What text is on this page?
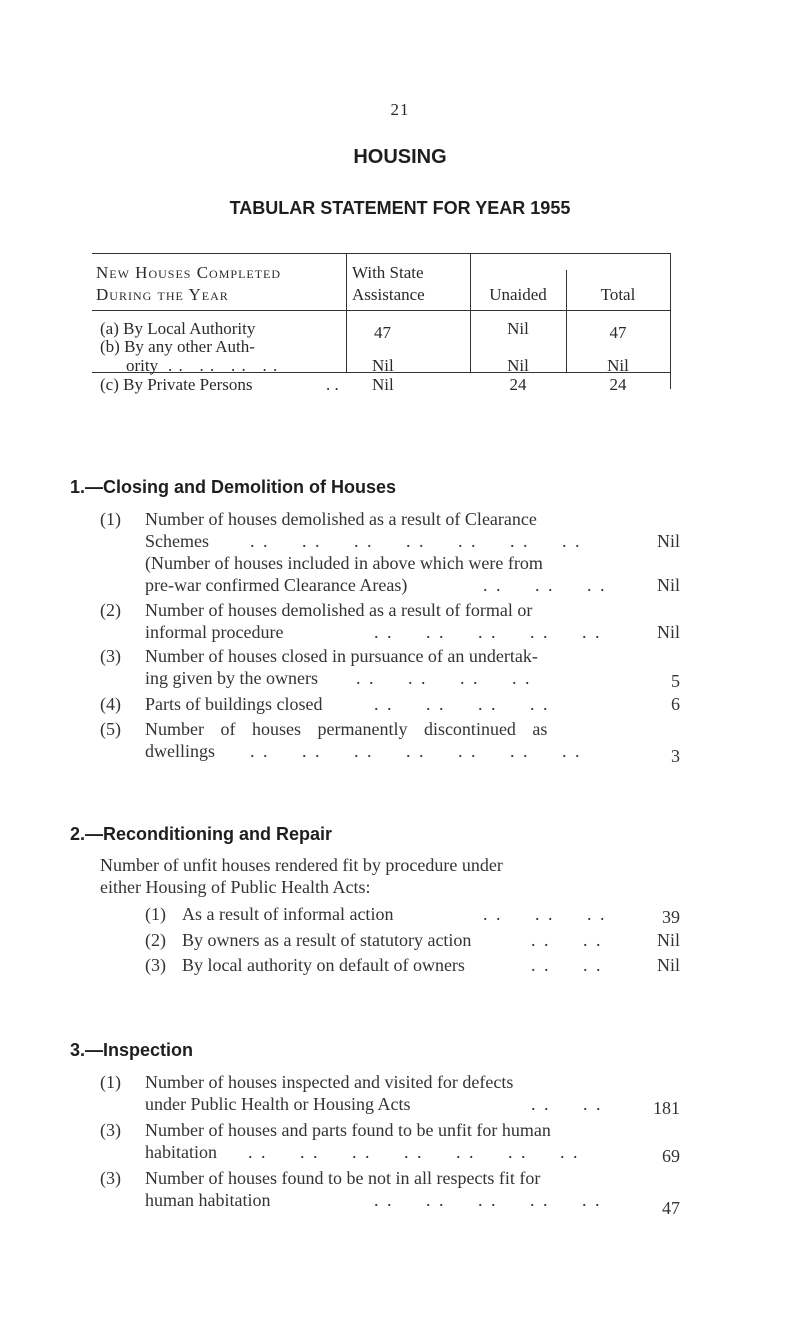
21
HOUSING
TABULAR STATEMENT FOR YEAR 1955
New Houses Completed
During the Year
With State
Assistance	Unaided	Total
(a) By Local Authority	47	Nil	47
(b) By any other Auth-
ority . .   . .   . .   . .	Nil	Nil	Nil
(c) By Private Persons	. . Nil	24	24
1.—Closing and Demolition of Houses
(1) Number of houses demolished as a result of Clearance
Schemes . .     . .     . .     . .     . .     . .     . .	Nil
(Number of houses included in above which were from
pre-war confirmed Clearance Areas)	. .     . .     . .	Nil
(2) Number of houses demolished as a result of formal or
informal procedure	. .     . .     . .     . .     . .	Nil
(3) Number of houses closed in pursuance of an undertak-
ing given by the owners . .     . .     . .     . .	5
(4) Parts of buildings closed	. .     . .     . .     . .	6
(5) Number of houses permanently discontinued as
dwellings . .     . .     . .     . .     . .     . .     . .	3
2.—Reconditioning and Repair
Number of unfit houses rendered fit by procedure under
either Housing of Public Health Acts:
(1) As a result of informal action	. .     . .     . .	39
(2) By owners as a result of statutory action	. .     . .	Nil
(3) By local authority on default of owners	. .     . .	Nil
3.—Inspection
(1) Number of houses inspected and visited for defects
under Public Health or Housing Acts	. .     . .	181
(3) Number of houses and parts found to be unfit for human
habitation . .     . .     . .     . .     . .     . .     . .	69
(3) Number of houses found to be not in all respects fit for
human habitation	. .     . .     . .     . .     . .	47
